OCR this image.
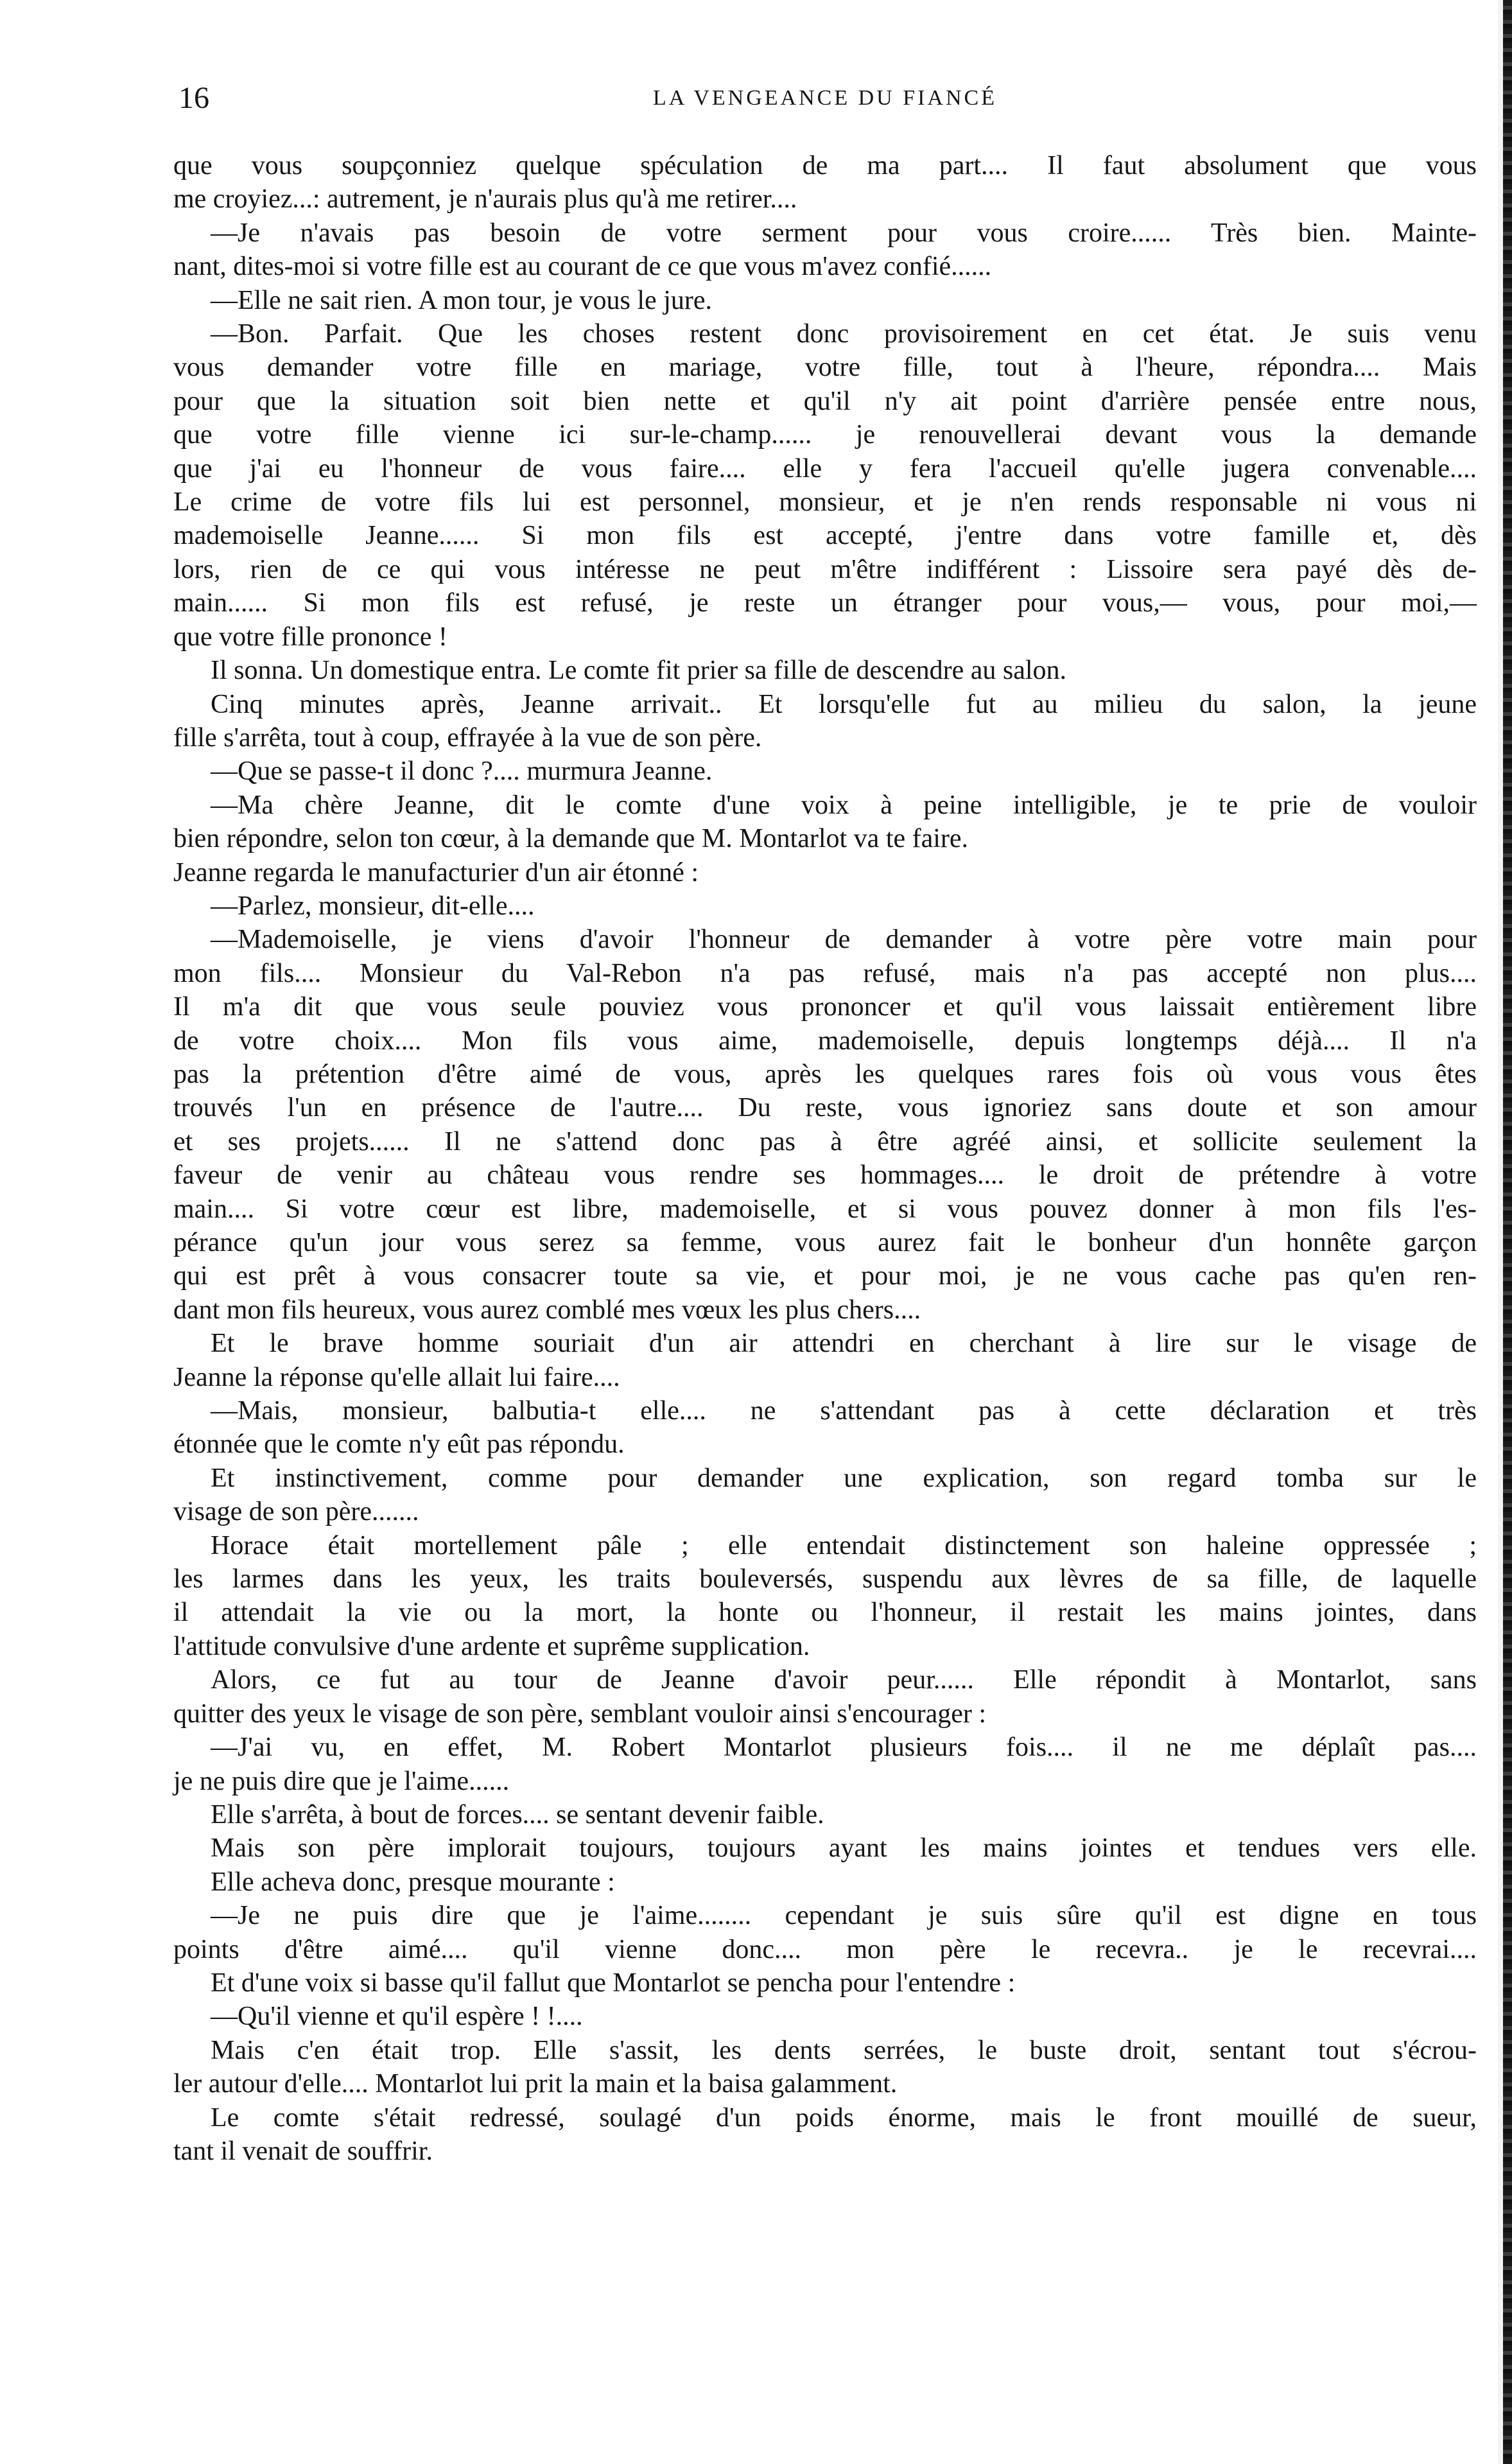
16	LA VENGEANCE DU FIANCÉ
que vous soupçonniez quelque spéculation de ma part.... Il faut absolument que vous
me croyiez...: autrement, je n'aurais plus qu'à me retirer....
—Je n'avais pas besoin de votre serment pour vous croire...... Très bien. Mainte-
nant, dites-moi si votre fille est au courant de ce que vous m'avez confié......
—Elle ne sait rien. A mon tour, je vous le jure.
—Bon. Parfait. Que les choses restent donc provisoirement en cet état. Je suis venu
vous demander votre fille en mariage, votre fille, tout à l'heure, répondra.... Mais
pour que la situation soit bien nette et qu'il n'y ait point d'arrière pensée entre nous,
que votre fille vienne ici sur-le-champ...... je renouvellerai devant vous la demande
que j'ai eu l'honneur de vous faire.... elle y fera l'accueil qu'elle jugera convenable....
Le crime de votre fils lui est personnel, monsieur, et je n'en rends responsable ni vous ni
mademoiselle Jeanne...... Si mon fils est accepté, j'entre dans votre famille et, dès
lors, rien de ce qui vous intéresse ne peut m'être indifférent : Lissoire sera payé dès de-
main...... Si mon fils est refusé, je reste un étranger pour vous,— vous, pour moi,—
que votre fille prononce !
Il sonna. Un domestique entra. Le comte fit prier sa fille de descendre au salon.
Cinq minutes après, Jeanne arrivait.. Et lorsqu'elle fut au milieu du salon, la jeune
fille s'arrêta, tout à coup, effrayée à la vue de son père.
—Que se passe-t il donc ?.... murmura Jeanne.
—Ma chère Jeanne, dit le comte d'une voix à peine intelligible, je te prie de vouloir
bien répondre, selon ton cœur, à la demande que M. Montarlot va te faire.
Jeanne regarda le manufacturier d'un air étonné :
—Parlez, monsieur, dit-elle....
—Mademoiselle, je viens d'avoir l'honneur de demander à votre père votre main pour
mon fils.... Monsieur du Val-Rebon n'a pas refusé, mais n'a pas accepté non plus....
Il m'a dit que vous seule pouviez vous prononcer et qu'il vous laissait entièrement libre
de votre choix.... Mon fils vous aime, mademoiselle, depuis longtemps déjà.... Il n'a
pas la prétention d'être aimé de vous, après les quelques rares fois où vous vous êtes
trouvés l'un en présence de l'autre.... Du reste, vous ignoriez sans doute et son amour
et ses projets...... Il ne s'attend donc pas à être agréé ainsi, et sollicite seulement la
faveur de venir au château vous rendre ses hommages.... le droit de prétendre à votre
main.... Si votre cœur est libre, mademoiselle, et si vous pouvez donner à mon fils l'es-
pérance qu'un jour vous serez sa femme, vous aurez fait le bonheur d'un honnête garçon
qui est prêt à vous consacrer toute sa vie, et pour moi, je ne vous cache pas qu'en ren-
dant mon fils heureux, vous aurez comblé mes vœux les plus chers....
Et le brave homme souriait d'un air attendri en cherchant à lire sur le visage de
Jeanne la réponse qu'elle allait lui faire....
—Mais, monsieur, balbutia-t elle.... ne s'attendant pas à cette déclaration et très
étonnée que le comte n'y eût pas répondu.
Et instinctivement, comme pour demander une explication, son regard tomba sur le
visage de son père.......
Horace était mortellement pâle ; elle entendait distinctement son haleine oppressée ;
les larmes dans les yeux, les traits bouleversés, suspendu aux lèvres de sa fille, de laquelle
il attendait la vie ou la mort, la honte ou l'honneur, il restait les mains jointes, dans
l'attitude convulsive d'une ardente et suprême supplication.
Alors, ce fut au tour de Jeanne d'avoir peur...... Elle répondit à Montarlot, sans
quitter des yeux le visage de son père, semblant vouloir ainsi s'encourager :
—J'ai vu, en effet, M. Robert Montarlot plusieurs fois.... il ne me déplaît pas....
je ne puis dire que je l'aime......
Elle s'arrêta, à bout de forces.... se sentant devenir faible.
Mais son père implorait toujours, toujours ayant les mains jointes et tendues vers elle.
Elle acheva donc, presque mourante :
—Je ne puis dire que je l'aime........ cependant je suis sûre qu'il est digne en tous
points d'être aimé.... qu'il vienne donc.... mon père le recevra.. je le recevrai....
Et d'une voix si basse qu'il fallut que Montarlot se pencha pour l'entendre :
—Qu'il vienne et qu'il espère ! !....
Mais c'en était trop. Elle s'assit, les dents serrées, le buste droit, sentant tout s'écrou-
ler autour d'elle.... Montarlot lui prit la main et la baisa galamment.
Le comte s'était redressé, soulagé d'un poids énorme, mais le front mouillé de sueur,
tant il venait de souffrir.
